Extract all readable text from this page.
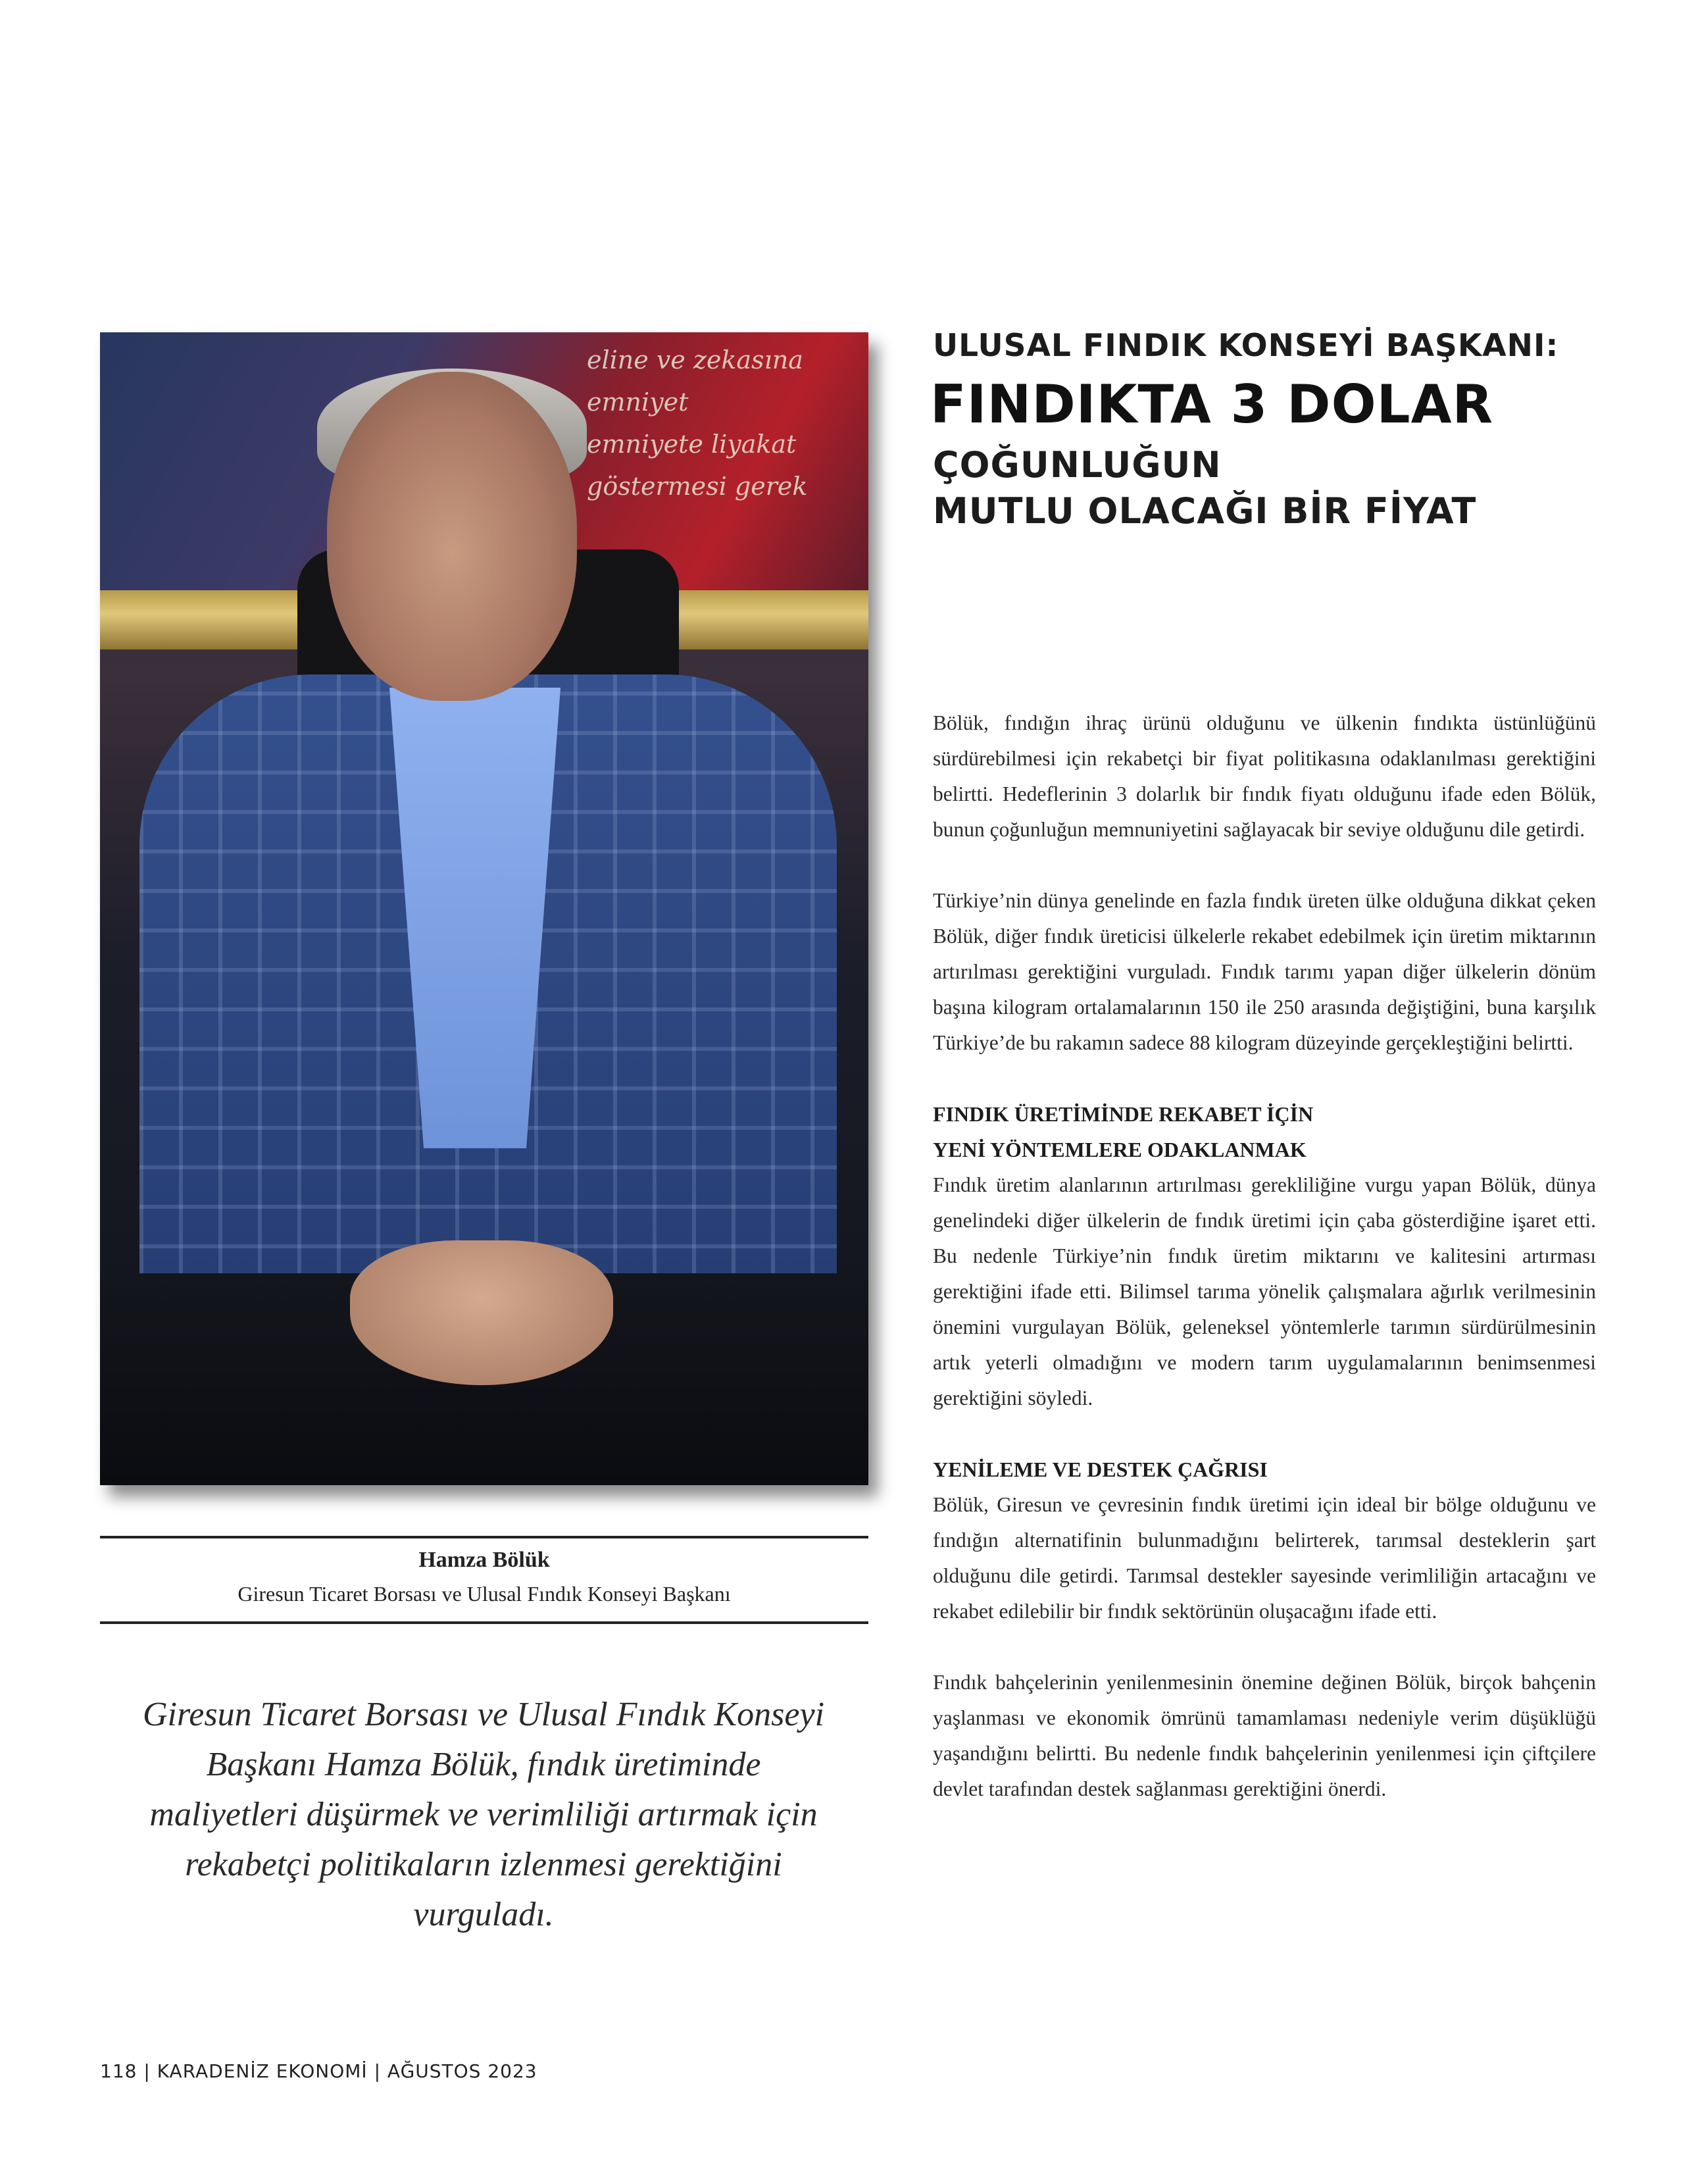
eline ve zekasına emniyet
emniyete liyakat göstermesi gerek
Hamza Bölük
Giresun Ticaret Borsası ve Ulusal Fındık Konseyi Başkanı
Giresun Ticaret Borsası ve Ulusal Fındık Konseyi Başkanı Hamza Bölük, fındık üretiminde maliyetleri düşürmek ve verimliliği artırmak için rekabetçi politikaların izlenmesi gerektiğini vurguladı.
ULUSAL FINDIK KONSEYİ BAŞKANI:
FINDIKTA 3 DOLAR
ÇOĞUNLUĞUN
MUTLU OLACAĞI BİR FİYAT

Bölük, fındığın ihraç ürünü olduğunu ve ülkenin fındıkta üstünlüğünü sürdürebilmesi için rekabetçi bir fiyat politikasına odaklanılması gerektiğini belirtti. Hedeflerinin 3 dolarlık bir fındık fiyatı olduğunu ifade eden Bölük, bunun çoğunluğun memnuniyetini sağlayacak bir seviye olduğunu dile getirdi.

Türkiye’nin dünya genelinde en fazla fındık üreten ülke olduğuna dikkat çeken Bölük, diğer fındık üreticisi ülkelerle rekabet edebilmek için üretim miktarının artırılması gerektiğini vurguladı. Fındık tarımı yapan diğer ülkelerin dönüm başına kilogram ortalamalarının 150 ile 250 arasında değiştiğini, buna karşılık Türkiye’de bu rakamın sadece 88 kilogram düzeyinde gerçekleştiğini belirtti.

FINDIK ÜRETİMİNDE REKABET İÇİN
YENİ YÖNTEMLERE ODAKLANMAK

Fındık üretim alanlarının artırılması gerekliliğine vurgu yapan Bölük, dünya genelindeki diğer ülkelerin de fındık üretimi için çaba gösterdiğine işaret etti. Bu nedenle Türkiye’nin fındık üretim miktarını ve kalitesini artırması gerektiğini ifade etti. Bilimsel tarıma yönelik çalışmalara ağırlık verilmesinin önemini vurgulayan Bölük, geleneksel yöntemlerle tarımın sürdürülmesinin artık yeterli olmadığını ve modern tarım uygulamalarının benimsenmesi gerektiğini söyledi.

YENİLEME VE DESTEK ÇAĞRISI

Bölük, Giresun ve çevresinin fındık üretimi için ideal bir bölge olduğunu ve fındığın alternatifinin bulunmadığını belirterek, tarımsal desteklerin şart olduğunu dile getirdi. Tarımsal destekler sayesinde verimliliğin artacağını ve rekabet edilebilir bir fındık sektörünün oluşacağını ifade etti.

Fındık bahçelerinin yenilenmesinin önemine değinen Bölük, birçok bahçenin yaşlanması ve ekonomik ömrünü tamamlaması nedeniyle verim düşüklüğü yaşandığını belirtti. Bu nedenle fındık bahçelerinin yenilenmesi için çiftçilere devlet tarafından destek sağlanması gerektiğini önerdi.

118 | KARADENİZ EKONOMİ | AĞUSTOS 2023
